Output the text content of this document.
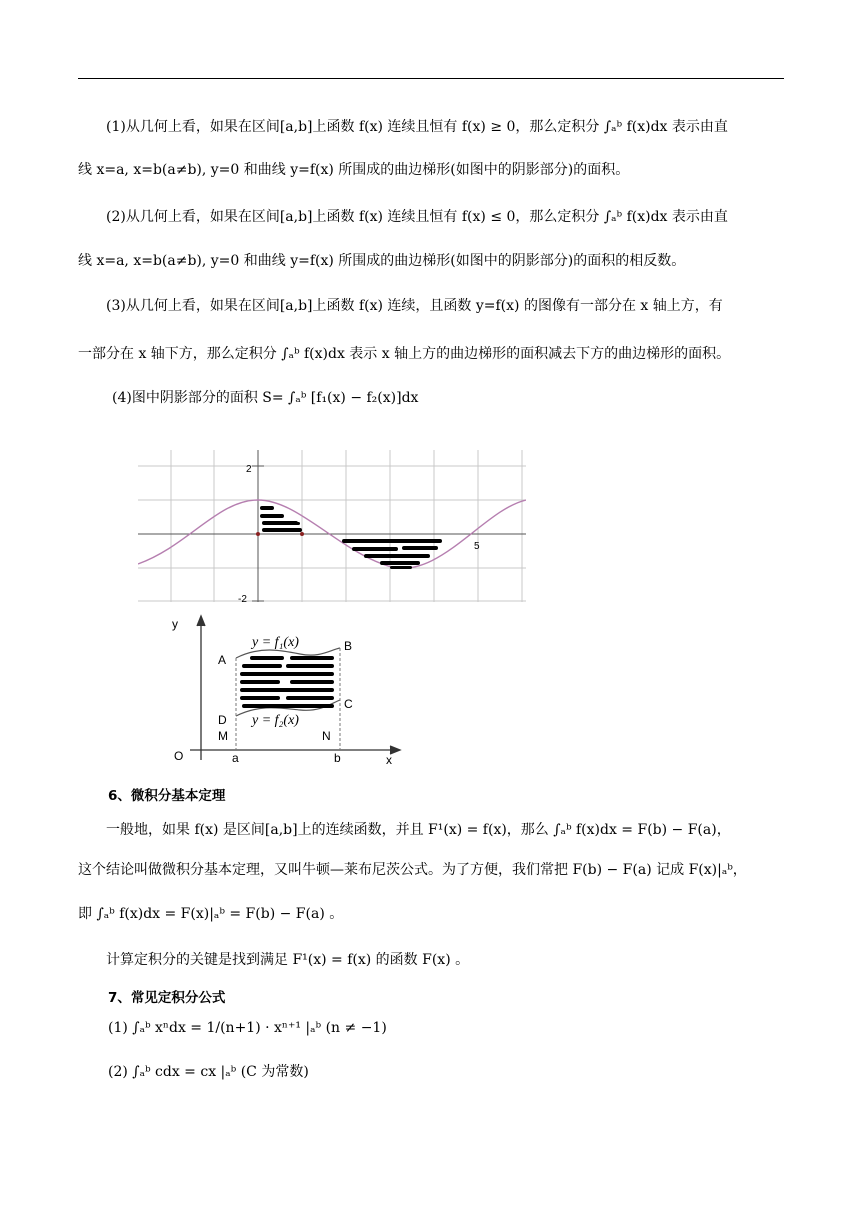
(1)从几何上看，如果在区间[a,b]上函数 f(x) 连续且恒有 f(x) ≥ 0，那么定积分 ∫ₐᵇ f(x)dx 表示由直
线 x=a, x=b(a≠b), y=0 和曲线 y=f(x) 所围成的曲边梯形(如图中的阴影部分)的面积。
(2)从几何上看，如果在区间[a,b]上函数 f(x) 连续且恒有 f(x) ≤ 0，那么定积分 ∫ₐᵇ f(x)dx 表示由直
线 x=a, x=b(a≠b), y=0 和曲线 y=f(x) 所围成的曲边梯形(如图中的阴影部分)的面积的相反数。
(3)从几何上看，如果在区间[a,b]上函数 f(x) 连续，且函数 y=f(x) 的图像有一部分在 x 轴上方，有
一部分在 x 轴下方，那么定积分 ∫ₐᵇ f(x)dx 表示 x 轴上方的曲边梯形的面积减去下方的曲边梯形的面积。
(4)图中阴影部分的面积 S= ∫ₐᵇ [f₁(x) − f₂(x)]dx
2
-2
5
y
x
O
A
B
C
D
M	N
a	b
y = f₁(x)
y = f₂(x)
6、微积分基本定理
一般地，如果 f(x) 是区间[a,b]上的连续函数，并且 F¹(x) = f(x)，那么 ∫ₐᵇ f(x)dx = F(b) − F(a)，
这个结论叫做微积分基本定理，又叫牛顿—莱布尼茨公式。为了方便，我们常把 F(b) − F(a) 记成 F(x)|ₐᵇ，
即 ∫ₐᵇ f(x)dx = F(x)|ₐᵇ = F(b) − F(a) 。
计算定积分的关键是找到满足 F¹(x) = f(x) 的函数 F(x) 。
7、常见定积分公式
(1) ∫ₐᵇ xⁿdx = 1/(n+1) · xⁿ⁺¹ |ₐᵇ (n ≠ −1)
(2) ∫ₐᵇ cdx = cx |ₐᵇ (C 为常数)
